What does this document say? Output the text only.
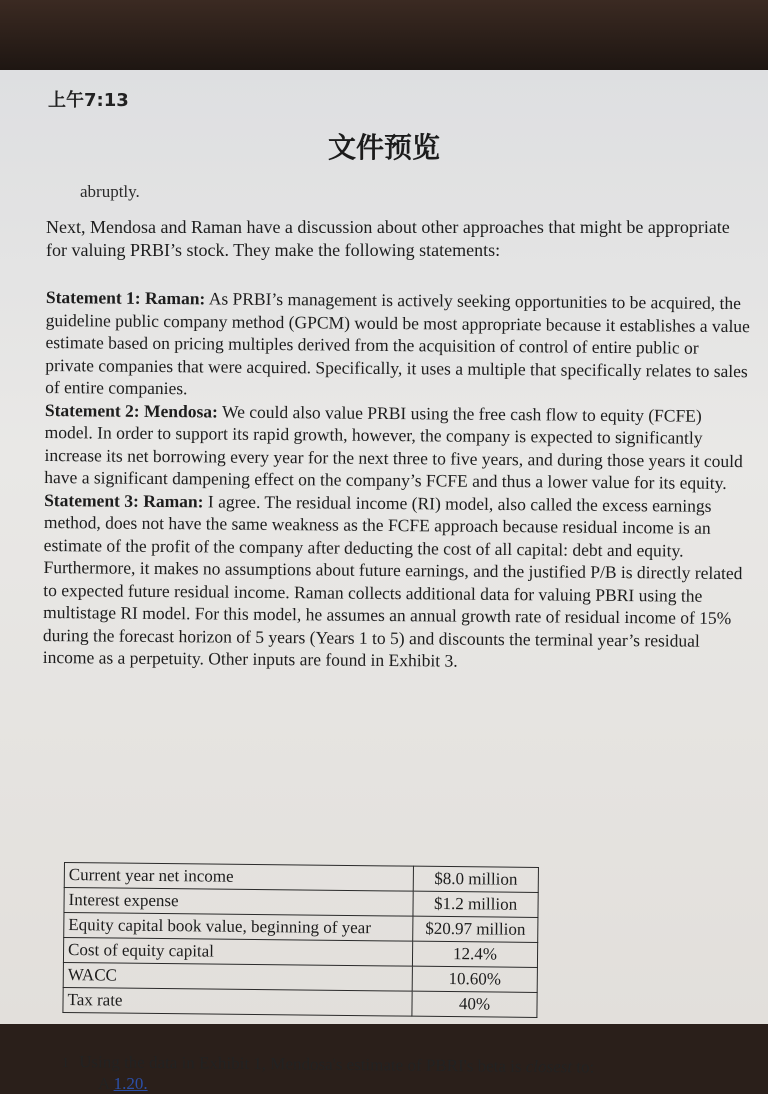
上午7:13
文件预览
abruptly.
Next, Mendosa and Raman have a discussion about other approaches that might be appropriate for valuing PRBI’s stock. They make the following statements:
Statement 1: Raman: As PRBI’s management is actively seeking opportunities to be acquired, the guideline public company method (GPCM) would be most appropriate because it establishes a value estimate based on pricing multiples derived from the acquisition of control of entire public or private companies that were acquired. Specifically, it uses a multiple that specifically relates to sales of entire companies.
Statement 2: Mendosa: We could also value PRBI using the free cash flow to equity (FCFE) model. In order to support its rapid growth, however, the company is expected to significantly increase its net borrowing every year for the next three to five years, and during those years it could have a significant dampening effect on the company’s FCFE and thus a lower value for its equity.
Statement 3: Raman: I agree. The residual income (RI) model, also called the excess earnings method, does not have the same weakness as the FCFE approach because residual income is an estimate of the profit of the company after deducting the cost of all capital: debt and equity. Furthermore, it makes no assumptions about future earnings, and the justified P/B is directly related to expected future residual income. Raman collects additional data for valuing PBRI using the multistage RI model. For this model, he assumes an annual growth rate of residual income of 15% during the forecast horizon of 5 years (Years 1 to 5) and discounts the terminal year’s residual income as a perpetuity. Other inputs are found in Exhibit 3.
Current year net income	$8.0 million
Interest expense	$1.2 million
Equity capital book value, beginning of year	$20.97 million
Cost of equity capital	12.4%
WACC	10.60%
Tax rate	40%
1 Using the data in Exhibit 1, Mendosa's estimate of PBRI's beta is closest to:
A 1.20.
